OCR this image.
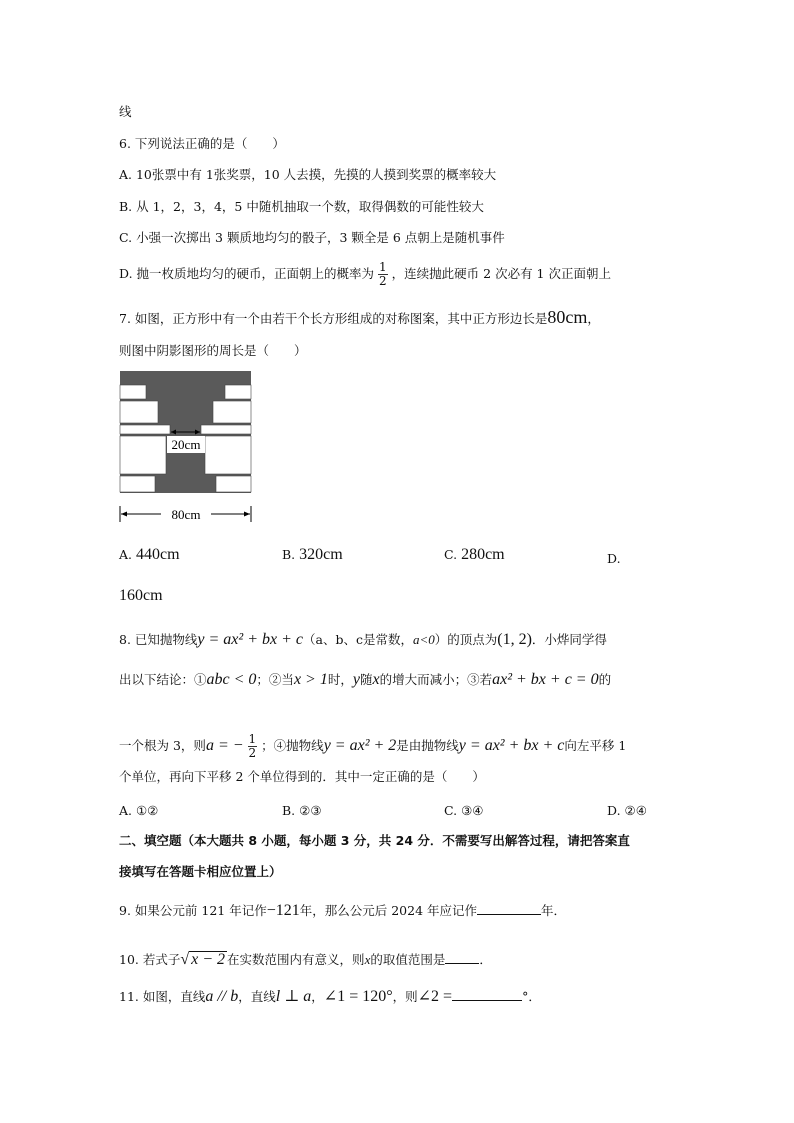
线
6. 下列说法正确的是（　　）
A. 10张票中有 1张奖票，10 人去摸，先摸的人摸到奖票的概率较大
B. 从 1，2，3，4，5 中随机抽取一个数，取得偶数的可能性较大
C. 小强一次掷出 3 颗质地均匀的骰子，3 颗全是 6 点朝上是随机事件
D. 抛一枚质地均匀的硬币，正面朝上的概率为 $\frac{1}{2}$ ，连续抛此硬币 2 次必有 1 次正面朝上
7. 如图，正方形中有一个由若干个长方形组成的对称图案，其中正方形边长是80cm，
则图中阴影图形的周长是（　　）
20cm
80cm
A. 440cm	B. 320cm	C. 280cm	D.
160cm
8. 已知抛物线y = ax² + bx + c（a、b、c是常数，a<0）的顶点为(1, 2)．小烨同学得
出以下结论：①abc < 0；②当x > 1时，y随x的增大而减小；③若ax² + bx + c = 0的
一个根为 3，则a = − $\frac{1}{2}$ ；④抛物线y = ax² + 2是由抛物线y = ax² + bx + c向左平移 1
个单位，再向下平移 2 个单位得到的．其中一定正确的是（　　）
A. ①②	B. ②③	C. ③④	D. ②④
二、填空题（本大题共 8 小题，每小题 3 分，共 24 分．不需要写出解答过程，请把答案直
接填写在答题卡相应位置上）
9. 如果公元前 121 年记作−121年，那么公元后 2024 年应记作	年．
10. 若式子√ x − 2 在实数范围内有意义，则x的取值范围是	．
11. 如图，直线a // b，直线l ⊥ a，∠1 = 120°，则∠2 =	°．
